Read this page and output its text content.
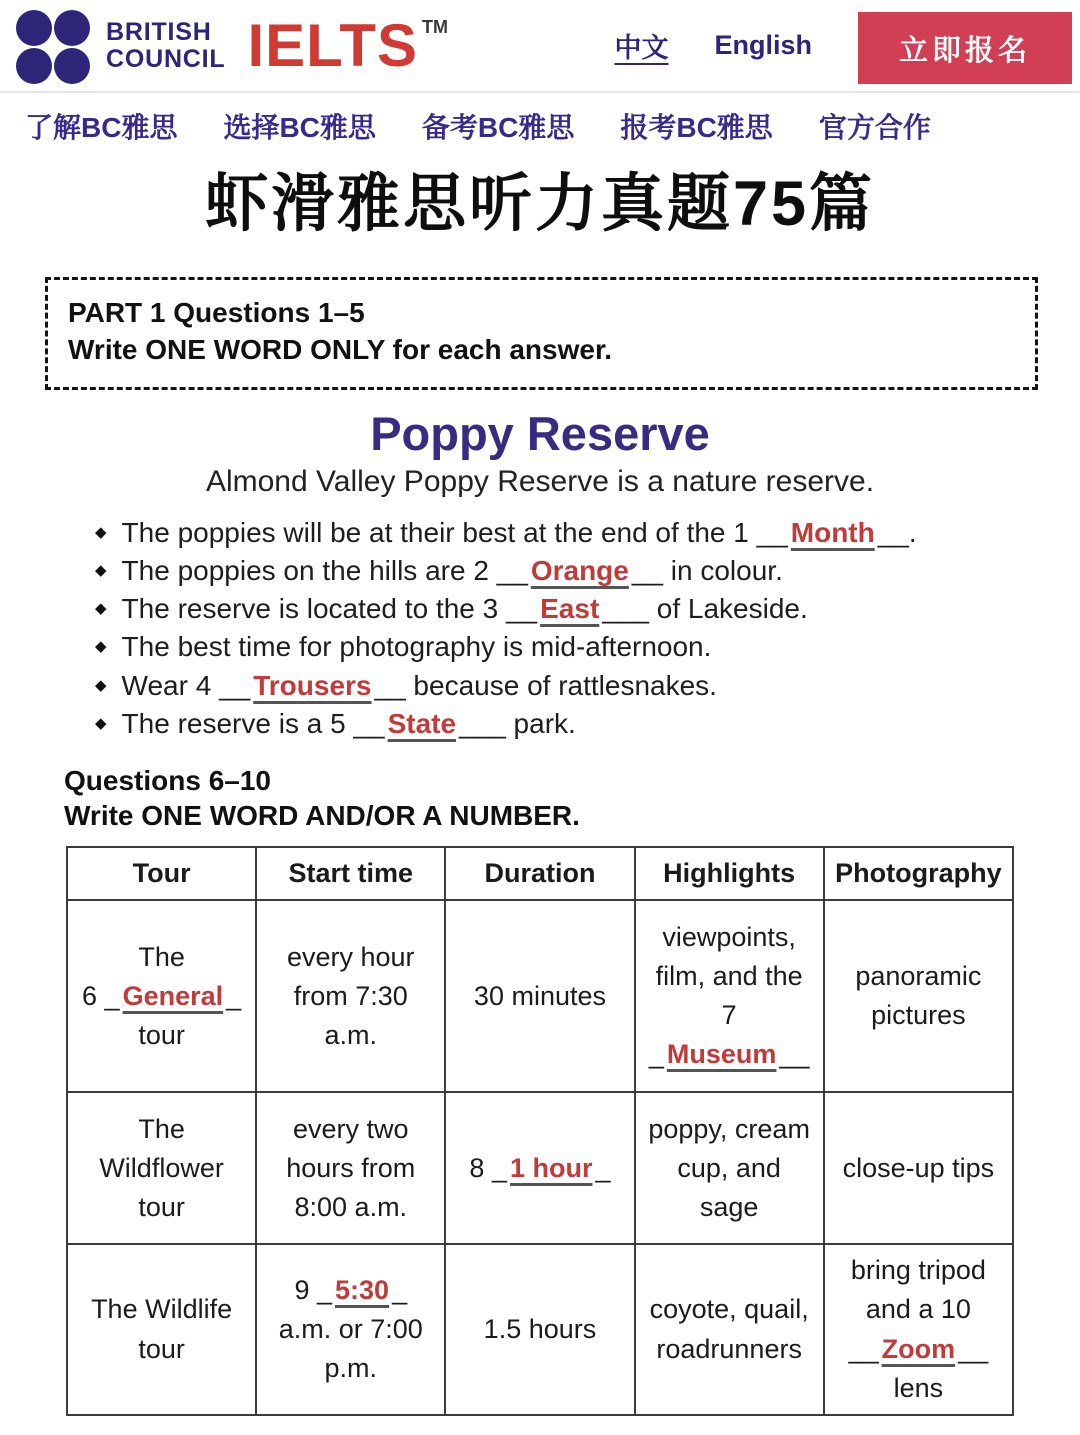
BRITISH
COUNCIL IELTS™
中文 English	立即报名
了解BC雅思 选择BC雅思 备考BC雅思 报考BC雅思 官方合作
虾滑雅思听力真题75篇

PART 1 Questions 1–5

Write ONE WORD ONLY for each answer.

Poppy Reserve

Almond Valley Poppy Reserve is a nature reserve.

◆ The poppies will be at their best at the end of the 1 __ Month __.
◆ The poppies on the hills are 2 __ Orange __ in colour.
◆ The reserve is located to the 3 __ East ___ of Lakeside.
◆ The best time for photography is mid-afternoon.
◆ Wear 4 __ Trousers __ because of rattlesnakes.
◆ The reserve is a 5 __ State ___ park.

Questions 6–10

Write ONE WORD AND/OR A NUMBER.

Tour	Start time	Duration	Highlights	Photography
The
6 _ General _
tour	every hour from 7:30 a.m.	30 minutes	viewpoints, film, and the 7
_ Museum __	panoramic pictures
The Wildflower tour	every two hours from 8:00 a.m.	8 _ 1 hour _	poppy, cream cup, and sage	close-up tips
The Wildlife tour	9 _ 5:30 _ a.m. or 7:00 p.m.	1.5 hours	coyote, quail, roadrunners	bring tripod and a 10
__ Zoom __ lens
